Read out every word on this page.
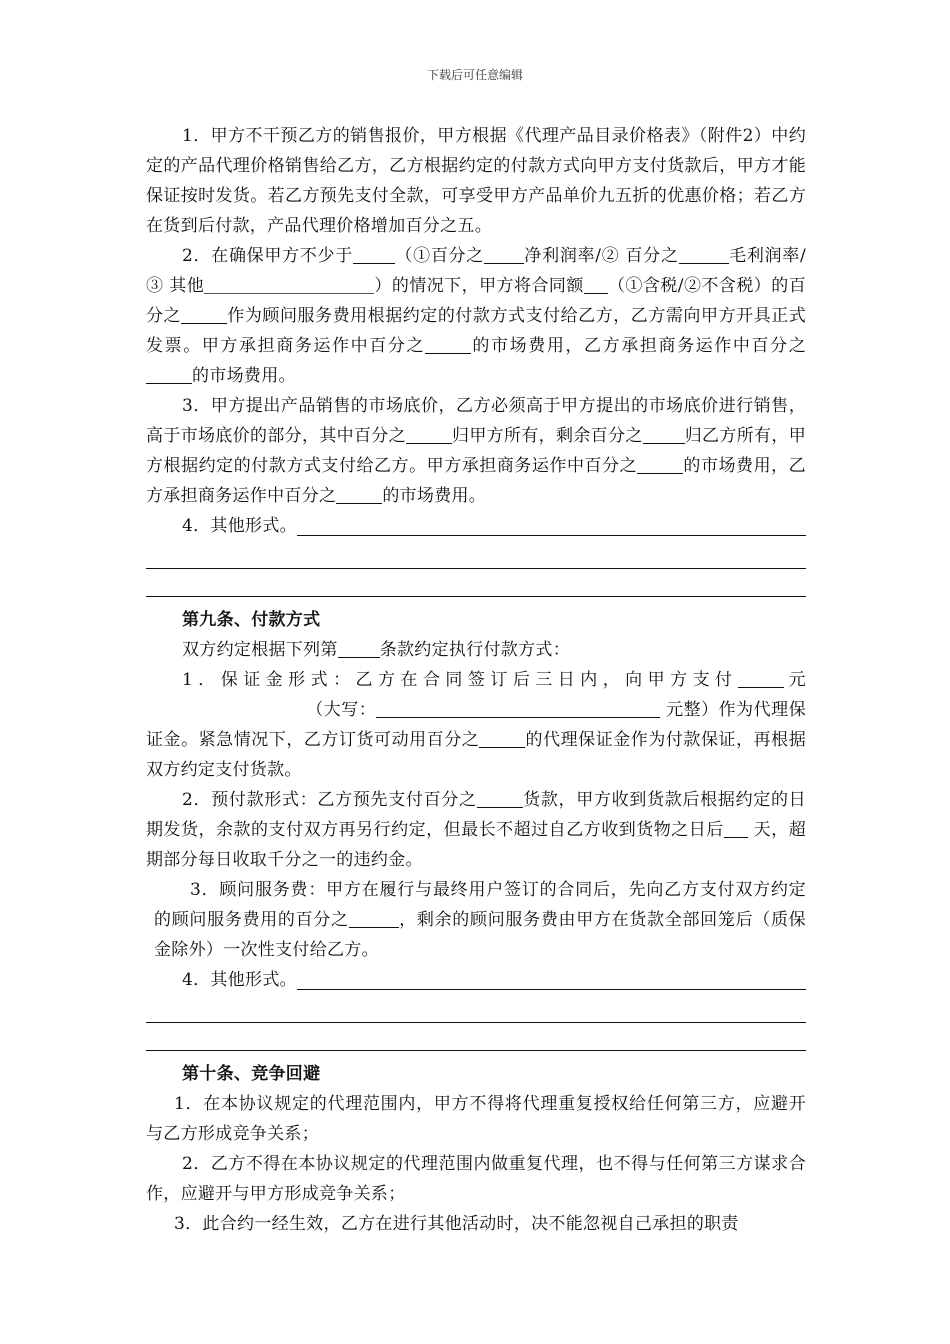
下载后可任意编辑

1．甲方不干预乙方的销售报价，甲方根据《代理产品目录价格表》（附件2）中约定的产品代理价格销售给乙方，乙方根据约定的付款方式向甲方支付货款后，甲方才能保证按时发货。若乙方预先支付全款，可享受甲方产品单价九五折的优惠价格；若乙方在货到后付款，产品代理价格增加百分之五。

2．在确保甲方不少于 （①百分之 净利润率/② 百分之	毛利润率/③ 其他	）的情况下，甲方将合同额 （①含税/②不含税）的百分之	作为顾问服务费用根据约定的付款方式支付给乙方，乙方需向甲方开具正式发票。甲方承担商务运作中百分之	的市场费用，乙方承担商务运作中百分之的市场费用。

3．甲方提出产品销售的市场底价，乙方必须高于甲方提出的市场底价进行销售，高于市场底价的部分，其中百分之	归甲方所有，剩余百分之 归乙方所有，甲方根据约定的付款方式支付给乙方。甲方承担商务运作中百分之	的市场费用，乙方承担商务运作中百分之	的市场费用。

4．其他形式。
第九条、付款方式

双方约定根据下列第 条款约定执行付款方式：

1．保证金形式：乙方在合同签订后三日内，向甲方支付	元（大写：	元整）作为代理保证金。紧急情况下，乙方订货可动用百分之	的代理保证金作为付款保证，再根据双方约定支付货款。

2．预付款形式：乙方预先支付百分之	货款，甲方收到货款后根据约定的日期发货，余款的支付双方再另行约定，但最长不超过自乙方收到货物之日后 天，超期部分每日收取千分之一的违约金。

3．顾问服务费：甲方在履行与最终用户签订的合同后，先向乙方支付双方约定的顾问服务费用的百分之	，剩余的顾问服务费由甲方在货款全部回笼后（质保金除外）一次性支付给乙方。

4．其他形式。
第十条、竞争回避

1．在本协议规定的代理范围内，甲方不得将代理重复授权给任何第三方，应避开与乙方形成竞争关系；

2．乙方不得在本协议规定的代理范围内做重复代理，也不得与任何第三方谋求合作，应避开与甲方形成竞争关系；

3．此合约一经生效，乙方在进行其他活动时，决不能忽视自己承担的职责
